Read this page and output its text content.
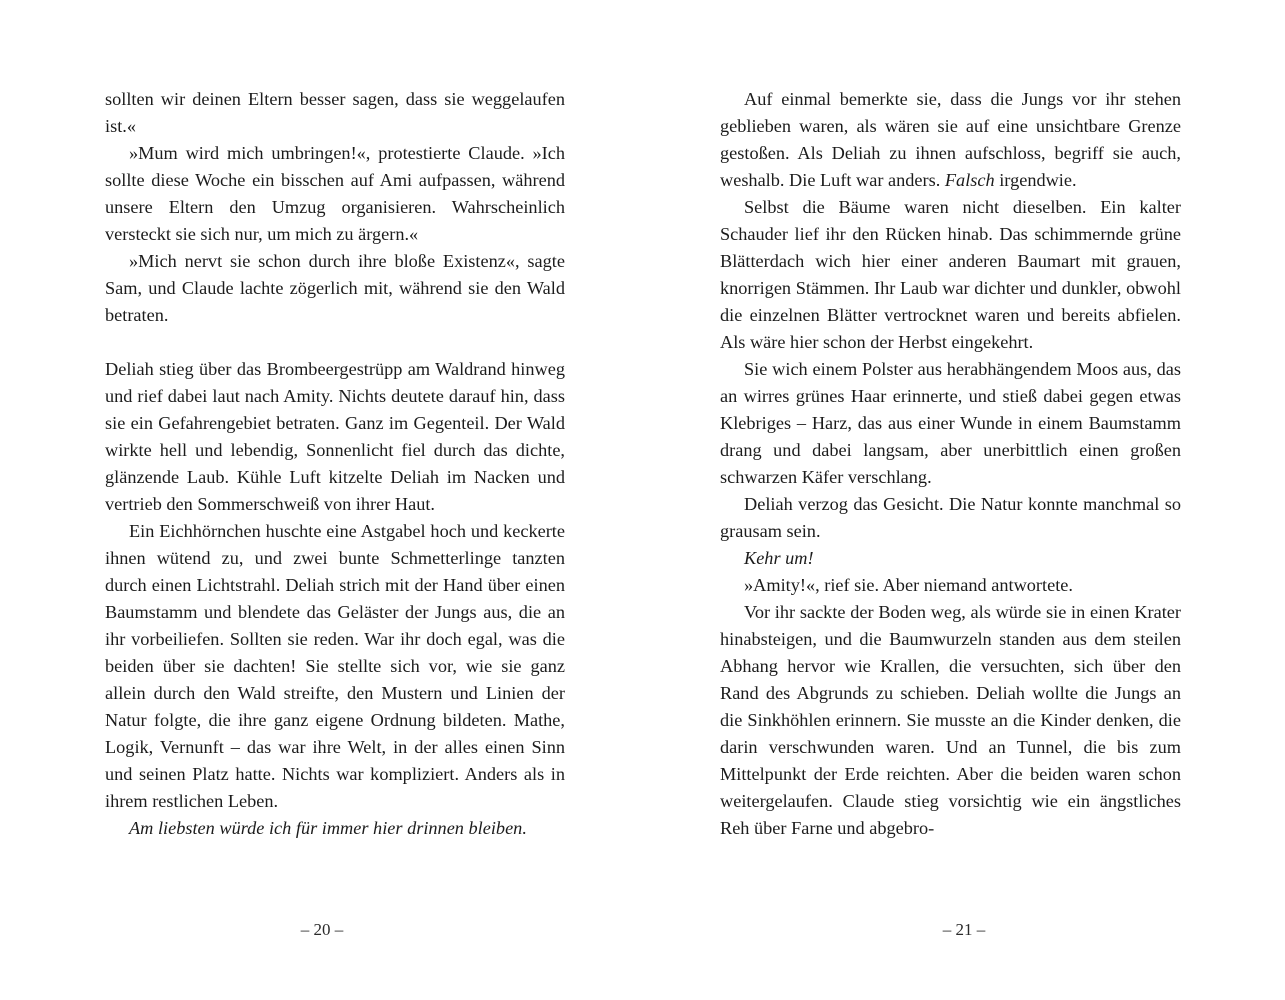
sollten wir deinen Eltern besser sagen, dass sie weggelaufen ist.«

»Mum wird mich umbringen!«, protestierte Claude. »Ich sollte diese Woche ein bisschen auf Ami aufpassen, während unsere Eltern den Umzug organisieren. Wahrscheinlich versteckt sie sich nur, um mich zu ärgern.«

»Mich nervt sie schon durch ihre bloße Existenz«, sagte Sam, und Claude lachte zögerlich mit, während sie den Wald betraten.

Deliah stieg über das Brombeergestrüpp am Waldrand hinweg und rief dabei laut nach Amity. Nichts deutete darauf hin, dass sie ein Gefahrengebiet betraten. Ganz im Gegenteil. Der Wald wirkte hell und lebendig, Sonnenlicht fiel durch das dichte, glänzende Laub. Kühle Luft kitzelte Deliah im Nacken und vertrieb den Sommerschweiß von ihrer Haut.

Ein Eichhörnchen huschte eine Astgabel hoch und keckerte ihnen wütend zu, und zwei bunte Schmetterlinge tanzten durch einen Lichtstrahl. Deliah strich mit der Hand über einen Baumstamm und blendete das Geläster der Jungs aus, die an ihr vorbeiliefen. Sollten sie reden. War ihr doch egal, was die beiden über sie dachten! Sie stellte sich vor, wie sie ganz allein durch den Wald streifte, den Mustern und Linien der Natur folgte, die ihre ganz eigene Ordnung bildeten. Mathe, Logik, Vernunft – das war ihre Welt, in der alles einen Sinn und seinen Platz hatte. Nichts war kompliziert. Anders als in ihrem restlichen Leben.

Am liebsten würde ich für immer hier drinnen bleiben.

– 20 –

Auf einmal bemerkte sie, dass die Jungs vor ihr stehen geblieben waren, als wären sie auf eine unsichtbare Grenze gestoßen. Als Deliah zu ihnen aufschloss, begriff sie auch, weshalb. Die Luft war anders. Falsch irgendwie.

Selbst die Bäume waren nicht dieselben. Ein kalter Schauder lief ihr den Rücken hinab. Das schimmernde grüne Blätterdach wich hier einer anderen Baumart mit grauen, knorrigen Stämmen. Ihr Laub war dichter und dunkler, obwohl die einzelnen Blätter vertrocknet waren und bereits abfielen. Als wäre hier schon der Herbst eingekehrt.

Sie wich einem Polster aus herabhängendem Moos aus, das an wirres grünes Haar erinnerte, und stieß dabei gegen etwas Klebriges – Harz, das aus einer Wunde in einem Baumstamm drang und dabei langsam, aber unerbittlich einen großen schwarzen Käfer verschlang.

Deliah verzog das Gesicht. Die Natur konnte manchmal so grausam sein.

Kehr um!

»Amity!«, rief sie. Aber niemand antwortete.

Vor ihr sackte der Boden weg, als würde sie in einen Krater hinabsteigen, und die Baumwurzeln standen aus dem steilen Abhang hervor wie Krallen, die versuchten, sich über den Rand des Abgrunds zu schieben. Deliah wollte die Jungs an die Sinkhöhlen erinnern. Sie musste an die Kinder denken, die darin verschwunden waren. Und an Tunnel, die bis zum Mittelpunkt der Erde reichten. Aber die beiden waren schon weitergelaufen. Claude stieg vorsichtig wie ein ängstliches Reh über Farne und abgebro-

– 21 –
